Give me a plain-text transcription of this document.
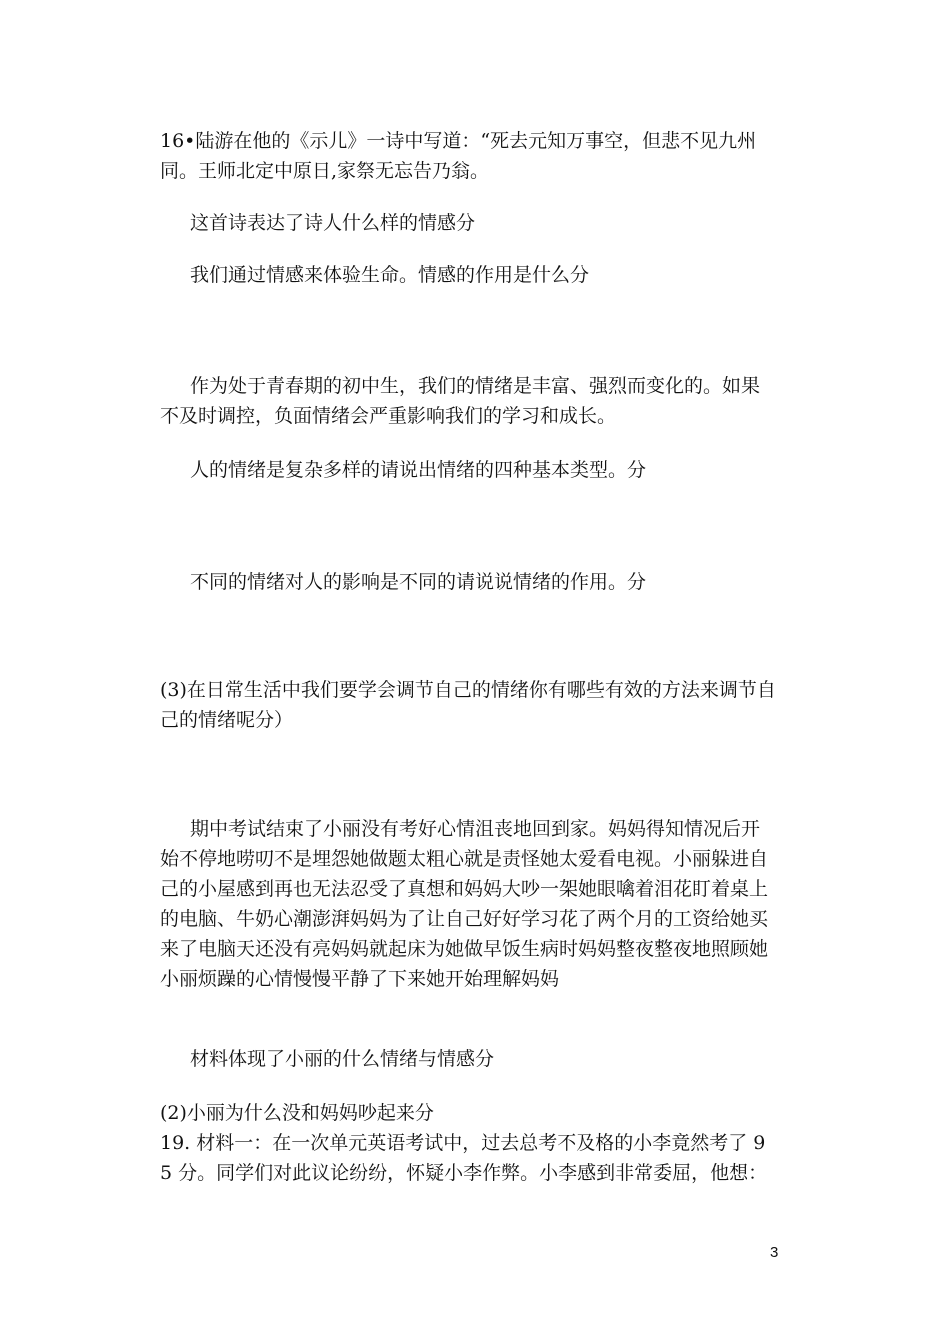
16•陆游在他的《示儿》一诗中写道：“死去元知万事空，但悲不见九州
同。王师北定中原日,家祭无忘告乃翁。
这首诗表达了诗人什么样的情感分
我们通过情感来体验生命。情感的作用是什么分
作为处于青春期的初中生，我们的情绪是丰富、强烈而变化的。如果
不及时调控，负面情绪会严重影响我们的学习和成长。
人的情绪是复杂多样的请说出情绪的四种基本类型。分
不同的情绪对人的影响是不同的请说说情绪的作用。分
(3)在日常生活中我们要学会调节自己的情绪你有哪些有效的方法来调节自
己的情绪呢分）
期中考试结束了小丽没有考好心情沮丧地回到家。妈妈得知情况后开
始不停地唠叨不是埋怨她做题太粗心就是责怪她太爱看电视。小丽躲进自
己的小屋感到再也无法忍受了真想和妈妈大吵一架她眼噙着泪花盯着桌上
的电脑、牛奶心潮澎湃妈妈为了让自己好好学习花了两个月的工资给她买
来了电脑天还没有亮妈妈就起床为她做早饭生病时妈妈整夜整夜地照顾她
小丽烦躁的心情慢慢平静了下来她开始理解妈妈
材料体现了小丽的什么情绪与情感分
(2)小丽为什么没和妈妈吵起来分
19. 材料一：在一次单元英语考试中，过去总考不及格的小李竟然考了 9
5 分。同学们对此议论纷纷，怀疑小李作弊。小李感到非常委屈，他想：
3
